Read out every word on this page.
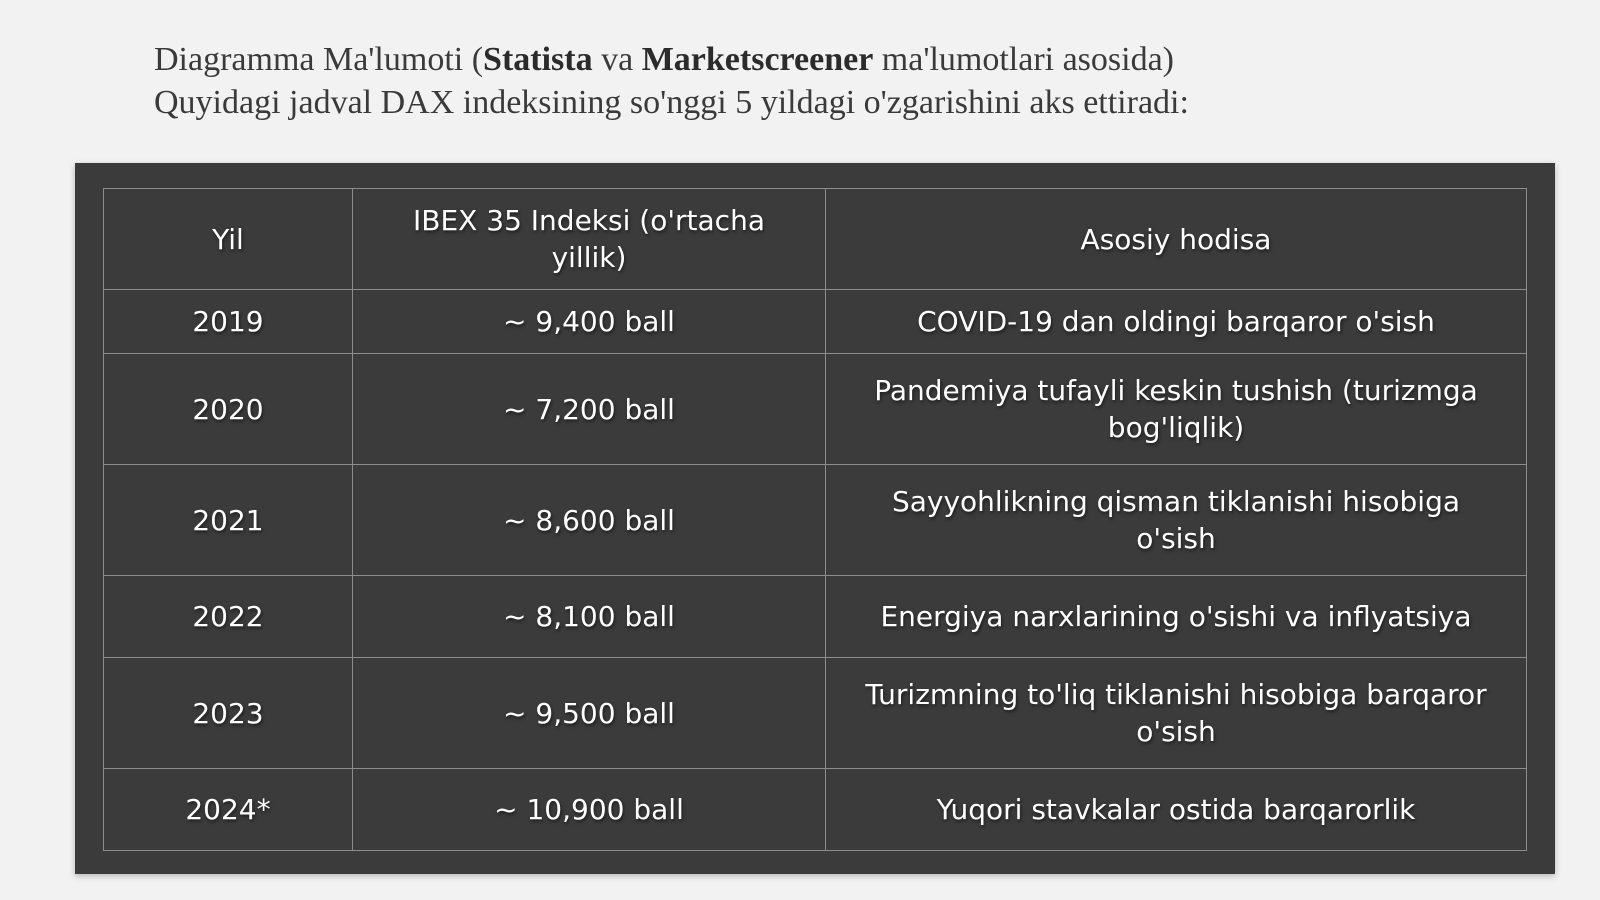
Diagramma Ma'lumoti (Statista va Marketscreener ma'lumotlari asosida)
Quyidagi jadval DAX indeksining so'nggi 5 yildagi o'zgarishini aks ettiradi:
Yil	IBEX 35 Indeksi (o'rtacha yillik)	Asosiy hodisa
2019	~ 9,400 ball	COVID-19 dan oldingi barqaror o'sish
2020	~ 7,200 ball	Pandemiya tufayli keskin tushish (turizmga bog'liqlik)
2021	~ 8,600 ball	Sayyohlikning qisman tiklanishi hisobiga o'sish
2022	~ 8,100 ball	Energiya narxlarining o'sishi va inflyatsiya
2023	~ 9,500 ball	Turizmning to'liq tiklanishi hisobiga barqaror o'sish
2024*	~ 10,900 ball	Yuqori stavkalar ostida barqarorlik
